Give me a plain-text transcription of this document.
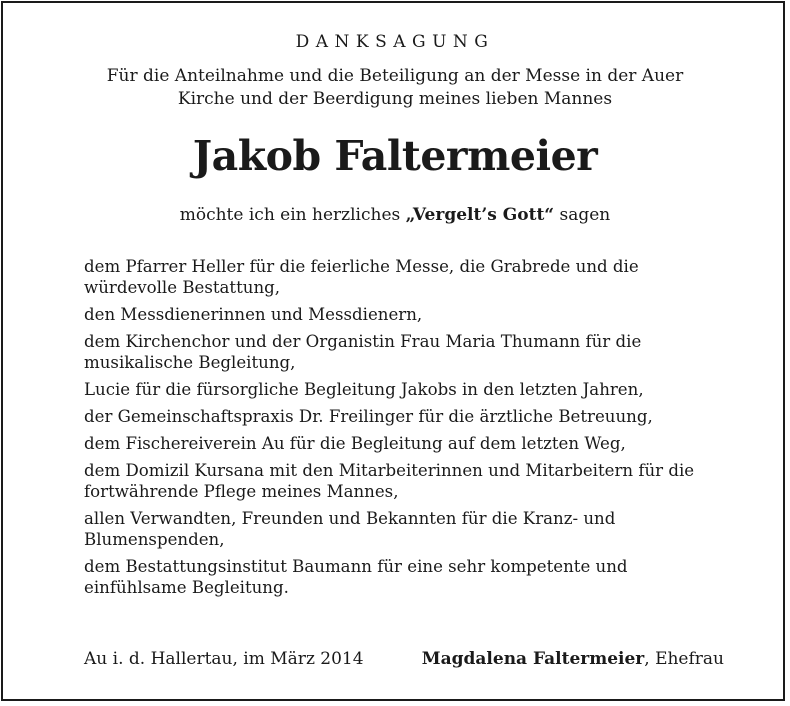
DANKSAGUNG
Für die Anteilnahme und die Beteiligung an der Messe in der Auer
Kirche und der Beerdigung meines lieben Mannes
Jakob Faltermeier
möchte ich ein herzliches „Vergelt’s Gott“ sagen
dem Pfarrer Heller für die feierliche Messe, die Grabrede und die würdevolle Bestattung,
den Messdienerinnen und Messdienern,
dem Kirchenchor und der Organistin Frau Maria Thumann für die musikalische Begleitung,
Lucie für die fürsorgliche Begleitung Jakobs in den letzten Jahren,
der Gemeinschaftspraxis Dr. Freilinger für die ärztliche Betreuung,
dem Fischereiverein Au für die Begleitung auf dem letzten Weg,
dem Domizil Kursana mit den Mitarbeiterinnen und Mitarbeitern für die fortwährende Pflege meines Mannes,
allen Verwandten, Freunden und Bekannten für die Kranz- und Blumenspenden,
dem Bestattungsinstitut Baumann für eine sehr kompetente und einfühlsame Begleitung.
Au i. d. Hallertau, im März 2014	Magdalena Faltermeier, Ehefrau
